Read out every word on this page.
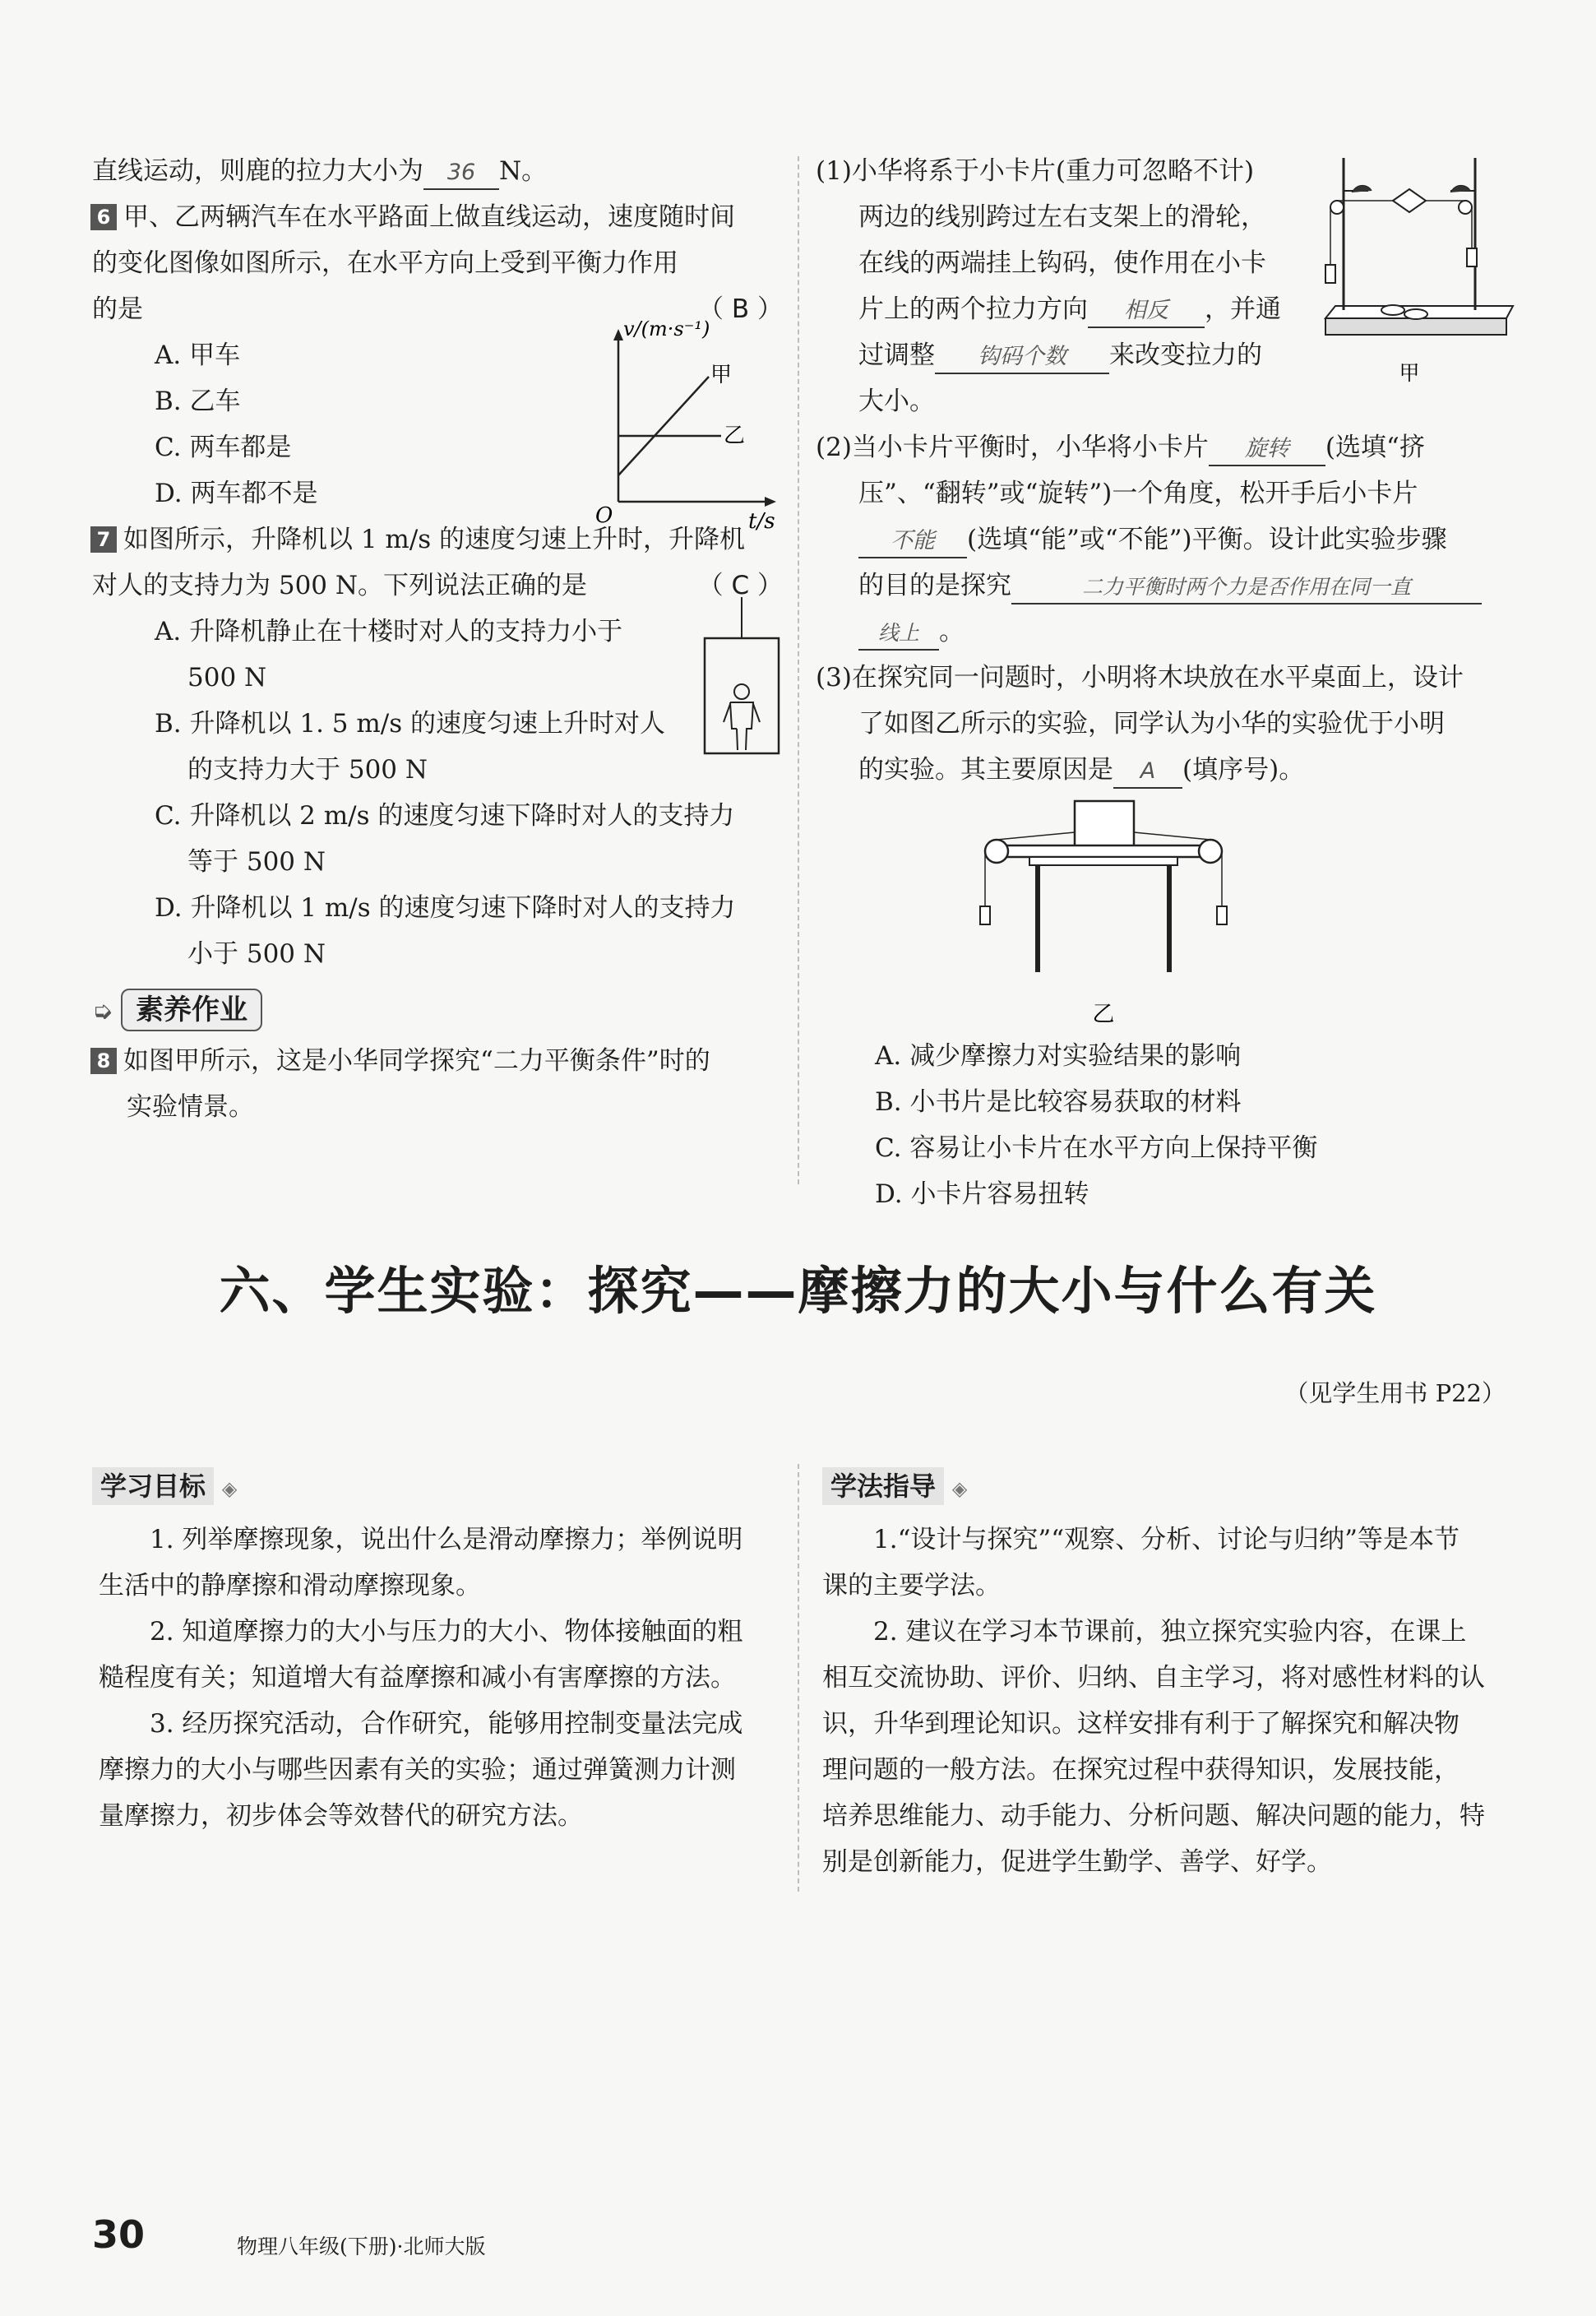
直线运动，则鹿的拉力大小为 36 N。
6 甲、乙两辆汽车在水平路面上做直线运动，速度随时间
的变化图像如图所示，在水平方向上受到平衡力作用
的是	（ B ）
A. 甲车
B. 乙车
C. 两车都是
D. 两车都不是
v/(m·s⁻¹)
t/s
O
甲
乙
7 如图所示，升降机以 1 m/s 的速度匀速上升时，升降机
对人的支持力为 500 N。下列说法正确的是	（ C ）
A. 升降机静止在十楼时对人的支持力小于
500 N
B. 升降机以 1. 5 m/s 的速度匀速上升时对人
的支持力大于 500 N
C. 升降机以 2 m/s 的速度匀速下降时对人的支持力
等于 500 N
D. 升降机以 1 m/s 的速度匀速下降时对人的支持力
小于 500 N
➭ 素养作业
8 如图甲所示，这是小华同学探究“二力平衡条件”时的
实验情景。
(1)小华将系于小卡片(重力可忽略不计)
两边的线别跨过左右支架上的滑轮，
在线的两端挂上钩码，使作用在小卡
片上的两个拉力方向 相反 ，并通
过调整 钩码个数 来改变拉力的
大小。
甲
(2)当小卡片平衡时，小华将小卡片 旋转 (选填“挤
压”、“翻转”或“旋转”)一个角度，松开手后小卡片
不能 (选填“能”或“不能”)平衡。设计此实验步骤
的目的是探究	二力平衡时两个力是否作用在同一直
线上 。
(3)在探究同一问题时，小明将木块放在水平桌面上，设计
了如图乙所示的实验，同学认为小华的实验优于小明
的实验。其主要原因是 A (填序号)。
乙
A. 减少摩擦力对实验结果的影响
B. 小书片是比较容易获取的材料
C. 容易让小卡片在水平方向上保持平衡
D. 小卡片容易扭转
六、学生实验：探究——摩擦力的大小与什么有关
（见学生用书 P22）
学习目标 ◈
1. 列举摩擦现象，说出什么是滑动摩擦力；举例说明
生活中的静摩擦和滑动摩擦现象。
2. 知道摩擦力的大小与压力的大小、物体接触面的粗
糙程度有关；知道增大有益摩擦和减小有害摩擦的方法。
3. 经历探究活动，合作研究，能够用控制变量法完成
摩擦力的大小与哪些因素有关的实验；通过弹簧测力计测
量摩擦力，初步体会等效替代的研究方法。
学法指导 ◈
1.“设计与探究”“观察、分析、讨论与归纳”等是本节
课的主要学法。
2. 建议在学习本节课前，独立探究实验内容，在课上
相互交流协助、评价、归纳、自主学习，将对感性材料的认
识，升华到理论知识。这样安排有利于了解探究和解决物
理问题的一般方法。在探究过程中获得知识，发展技能，
培养思维能力、动手能力、分析问题、解决问题的能力，特
别是创新能力，促进学生勤学、善学、好学。
30	物理八年级(下册)·北师大版
